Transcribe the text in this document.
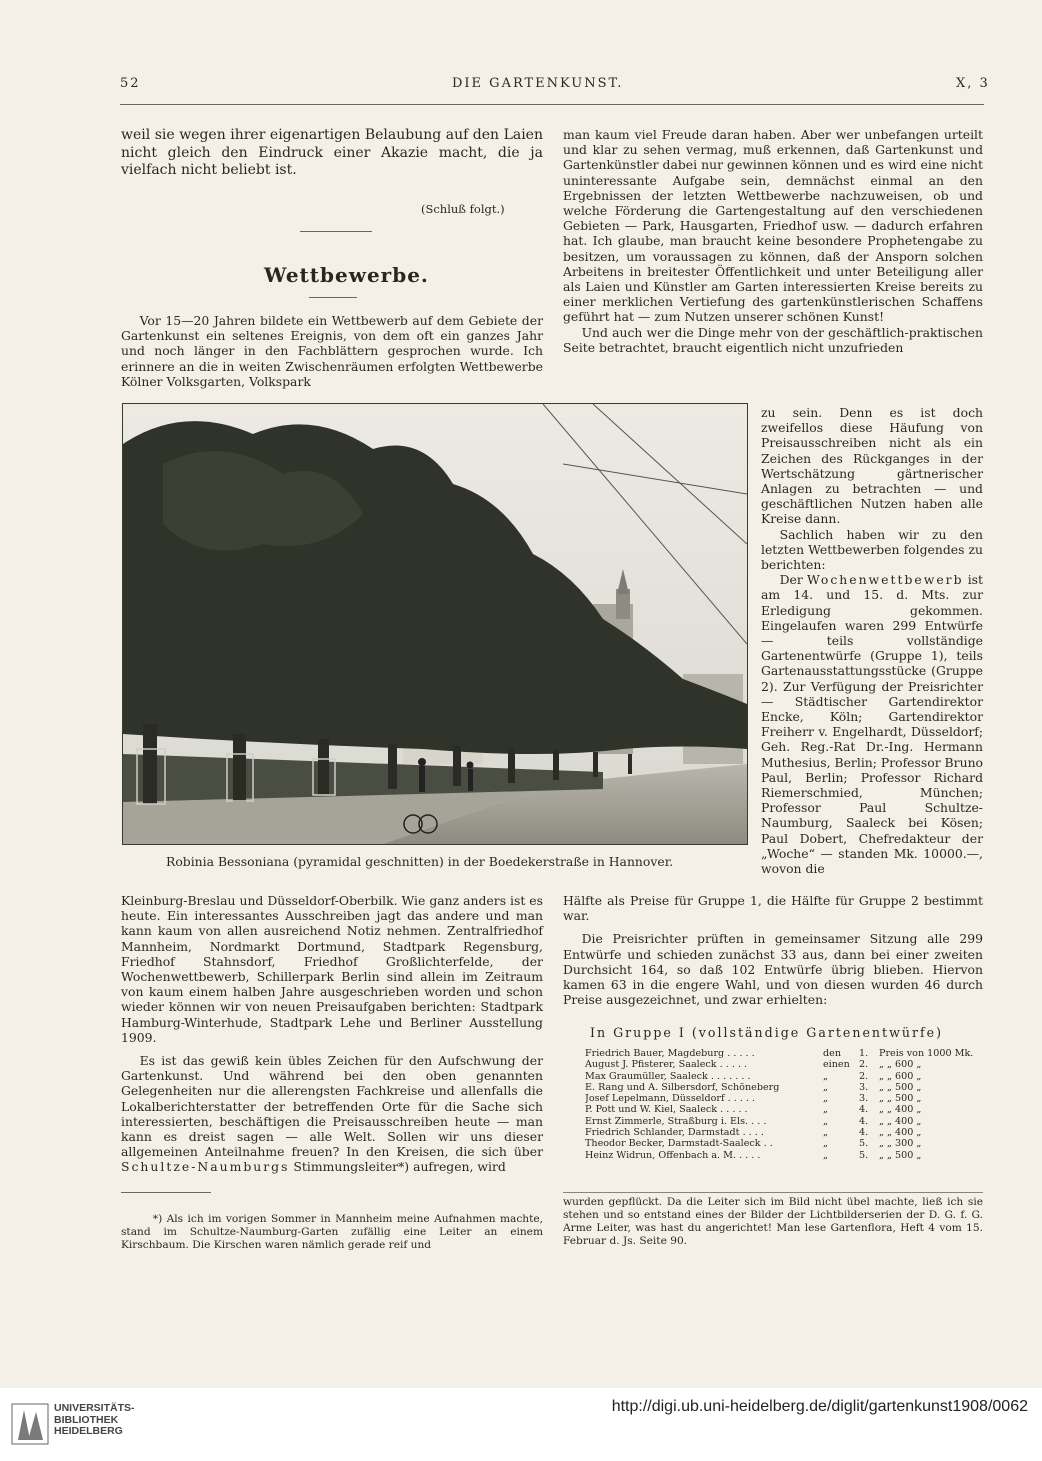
52	DIE GARTENKUNST.	X, 3

weil sie wegen ihrer eigenartigen Belaubung auf den Laien nicht gleich den Eindruck einer Akazie macht, die ja vielfach nicht beliebt ist.

(Schluß folgt.)
Wettbewerbe.

Vor 15—20 Jahren bildete ein Wettbewerb auf dem Gebiete der Gartenkunst ein seltenes Ereignis, von dem oft ein ganzes Jahr und noch länger in den Fachblättern gesprochen wurde. Ich erinnere an die in weiten Zwischenräumen erfolgten Wettbewerbe Kölner Volksgarten, Volkspark

man kaum viel Freude daran haben. Aber wer unbefangen urteilt und klar zu sehen vermag, muß erkennen, daß Gartenkunst und Gartenkünstler dabei nur gewinnen können und es wird eine nicht uninteressante Aufgabe sein, demnächst einmal an den Ergebnissen der letzten Wettbewerbe nachzuweisen, ob und welche Förderung die Gartengestaltung auf den verschiedenen Gebieten — Park, Hausgarten, Friedhof usw. — dadurch erfahren hat. Ich glaube, man braucht keine besondere Prophetengabe zu besitzen, um voraussagen zu können, daß der Ansporn solchen Arbeitens in breitester Öffentlichkeit und unter Beteiligung aller als Laien und Künstler am Garten interessierten Kreise bereits zu einer merklichen Vertiefung des gartenkünstlerischen Schaffens geführt hat — zum Nutzen unserer schönen Kunst!

Und auch wer die Dinge mehr von der geschäftlich-praktischen Seite betrachtet, braucht eigentlich nicht unzufrieden

Robinia Bessoniana (pyramidal geschnitten) in der Boedekerstraße in Hannover.

zu sein. Denn es ist doch zweifellos diese Häufung von Preisausschreiben nicht als ein Zeichen des Rückganges in der Wertschätzung gärtnerischer Anlagen zu betrachten — und geschäftlichen Nutzen haben alle Kreise dann.

Sachlich haben wir zu den letzten Wettbewerben folgendes zu berichten:

Der Wochenwettbewerb ist am 14. und 15. d. Mts. zur Erledigung gekommen. Eingelaufen waren 299 Entwürfe — teils vollständige Gartenentwürfe (Gruppe 1), teils Gartenausstattungsstücke (Gruppe 2). Zur Verfügung der Preisrichter — Städtischer Gartendirektor Encke, Köln; Gartendirektor Freiherr v. Engelhardt, Düsseldorf; Geh. Reg.-Rat Dr.-Ing. Hermann Muthesius, Berlin; Professor Bruno Paul, Berlin; Professor Richard Riemerschmied, München; Professor Paul Schultze-Naumburg, Saaleck bei Kösen; Paul Dobert, Chefredakteur der „Woche“ — standen Mk. 10000.—, wovon die

Kleinburg-Breslau und Düsseldorf-Oberbilk. Wie ganz anders ist es heute. Ein interessantes Ausschreiben jagt das andere und man kann kaum von allen ausreichend Notiz nehmen. Zentralfriedhof Mannheim, Nordmarkt Dortmund, Stadtpark Regensburg, Friedhof Stahnsdorf, Friedhof Großlichterfelde, der Wochenwettbewerb, Schillerpark Berlin sind allein im Zeitraum von kaum einem halben Jahre ausgeschrieben worden und schon wieder können wir von neuen Preisaufgaben berichten: Stadtpark Hamburg-Winterhude, Stadtpark Lehe und Berliner Ausstellung 1909.

Es ist das gewiß kein übles Zeichen für den Aufschwung der Gartenkunst. Und während bei den oben genannten Gelegenheiten nur die allerengsten Fachkreise und allenfalls die Lokalberichterstatter der betreffenden Orte für die Sache sich interessierten, beschäftigen die Preisausschreiben heute — man kann es dreist sagen — alle Welt. Sollen wir uns dieser allgemeinen Anteilnahme freuen? In den Kreisen, die sich über Schultze-Naumburgs Stimmungsleiter*) aufregen, wird

Hälfte als Preise für Gruppe 1, die Hälfte für Gruppe 2 bestimmt war.

Die Preisrichter prüften in gemeinsamer Sitzung alle 299 Entwürfe und schieden zunächst 33 aus, dann bei einer zweiten Durchsicht 164, so daß 102 Entwürfe übrig blieben. Hiervon kamen 63 in die engere Wahl, und von diesen wurden 46 durch Preise ausgezeichnet, und zwar erhielten:

In Gruppe I (vollständige Gartenentwürfe)
Friedrich Bauer, Magdeburg . . . . .	den	1.	Preis von 1000 Mk.
August J. Pfisterer, Saaleck . . . . .	einen 2.	„ „ 600 „
Max Graumüller, Saaleck . . . . . . .	„	2.	„ „ 600 „
E. Rang und A. Silbersdorf, Schöneberg	„	3.	„ „ 500 „
Josef Lepelmann, Düsseldorf . . . . .	„	3.	„ „ 500 „
P. Pott und W. Kiel, Saaleck . . . . .	„	4.	„ „ 400 „
Ernst Zimmerle, Straßburg i. Els. . . .	„	4.	„ „ 400 „
Friedrich Schlander, Darmstadt . . . .	„	4.	„ „ 400 „
Theodor Becker, Darmstadt-Saaleck . .	„	5.	„ „ 300 „
Heinz Widrun, Offenbach a. M. . . . .	„	5.	„ „ 500 „
*) Als ich im vorigen Sommer in Mannheim meine Aufnahmen machte, stand im Schultze-Naumburg-Garten zufällig eine Leiter an einem Kirschbaum. Die Kirschen waren nämlich gerade reif und
wurden gepflückt. Da die Leiter sich im Bild nicht übel machte, ließ ich sie stehen und so entstand eines der Bilder der Lichtbilderserien der D. G. f. G. Arme Leiter, was hast du angerichtet! Man lese Gartenflora, Heft 4 vom 15. Februar d. Js. Seite 90.
UNIVERSITÄTS-
BIBLIOTHEK
HEIDELBERG
http://digi.ub.uni-heidelberg.de/diglit/gartenkunst1908/0062
